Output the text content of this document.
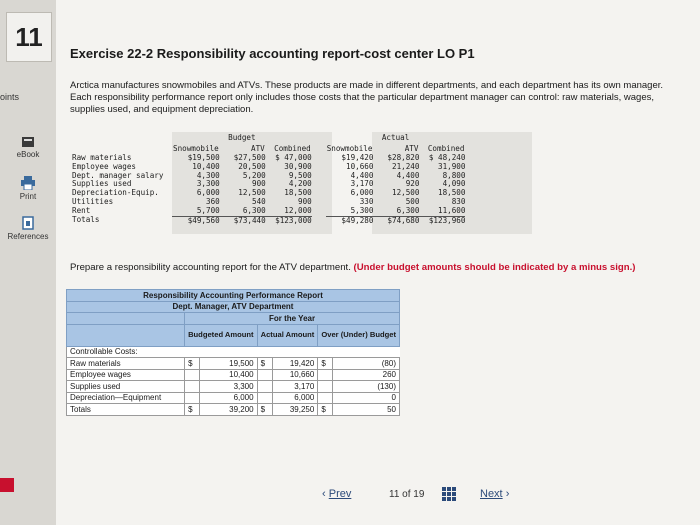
11
oints
eBook
Print
References
Exercise 22-2 Responsibility accounting report-cost center LO P1
Arctica manufactures snowmobiles and ATVs. These products are made in different departments, and each department has its own manager. Each responsibility performance report only includes those costs that the particular department manager can control: raw materials, wages, supplies used, and equipment depreciation.
	Budget				Actual		
	Snowmobile	ATV	Combined		Snowmobile	ATV	Combined
Raw materials	$19,500	$27,500	$ 47,000		$19,420	$28,820	$ 48,240
Employee wages	10,400	20,500	30,900		10,660	21,240	31,900
Dept. manager salary	4,300	5,200	9,500		4,400	4,400	8,800
Supplies used	3,300	900	4,200		3,170	920	4,090
Depreciation-Equip.	6,000	12,500	18,500		6,000	12,500	18,500
Utilities	360	540	900		330	500	830
Rent	5,700	6,300	12,000		5,300	6,300	11,600
Totals	$49,560	$73,440	$123,000		$49,280	$74,680	$123,960
Prepare a responsibility accounting report for the ATV department. (Under budget amounts should be indicated by a minus sign.)
Responsibility Accounting Performance Report						
Dept. Manager, ATV Department						
	For the Year					
	Budgeted Amount		Actual Amount		Over (Under) Budget	
Controllable Costs:						
Raw materials	$	19,500	$	19,420	$	(80)
Employee wages		10,400		10,660		260
Supplies used		3,300		3,170		(130)
Depreciation—Equipment		6,000		6,000		0
Totals	$	39,200	$	39,250	$	50
‹ Prev	11 of 19	Next ›
